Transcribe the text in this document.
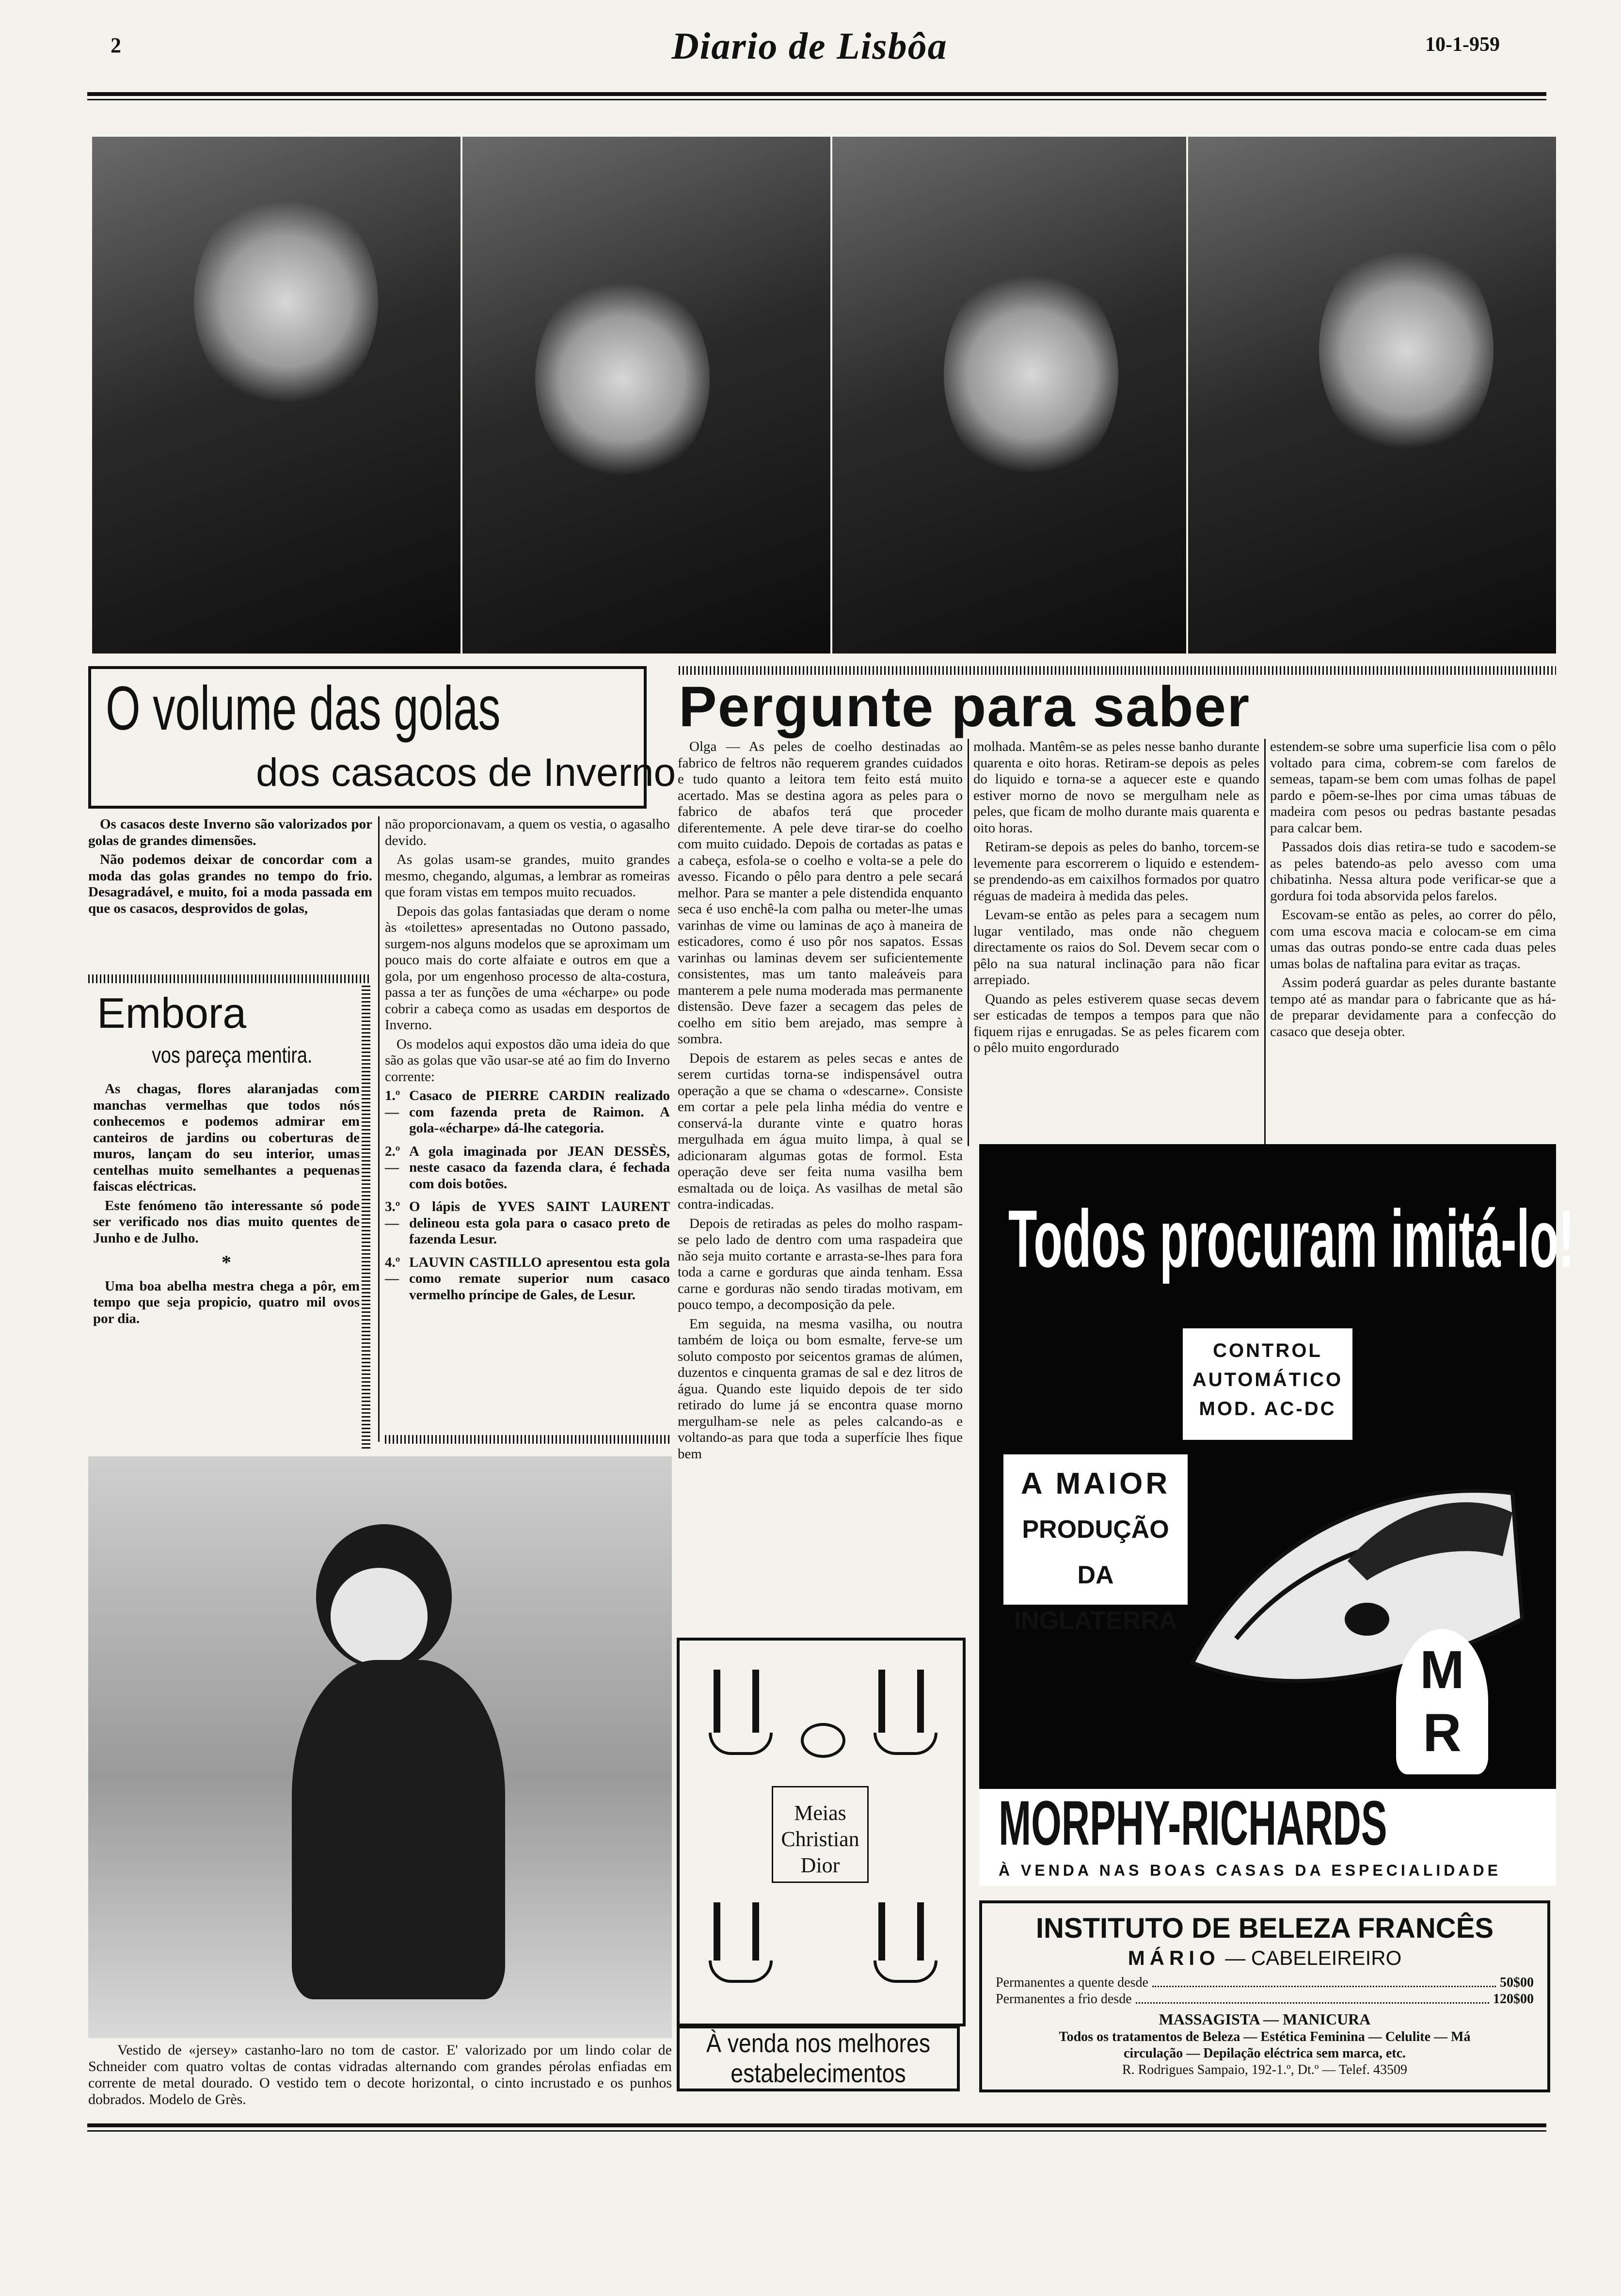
2	Diario de Lisbôa	10-1-959
O volume das golas
dos casacos de Inverno

Os casacos deste Inverno são valorizados por golas de grandes dimensões.

Não podemos deixar de concordar com a moda das golas grandes no tempo do frio. Desagradável, e muito, foi a moda passada em que os casacos, desprovidos de golas,

não proporcionavam, a quem os vestia, o agasalho devido.

As golas usam-se grandes, muito grandes mesmo, chegando, algumas, a lembrar as romeiras que foram vistas em tempos muito recuados.

Depois das golas fantasiadas que deram o nome às «toilettes» apresentadas no Outono passado, surgem-nos alguns modelos que se aproximam um pouco mais do corte alfaiate e outros em que a gola, por um engenhoso processo de alta-costura, passa a ter as funções de uma «écharpe» ou pode cobrir a cabeça como as usadas em desportos de Inverno.

Os modelos aqui expostos dão uma ideia do que são as golas que vão usar-se até ao fim do Inverno corrente:

1.º —
Casaco de PIERRE CARDIN realizado com fazenda preta de Raimon. A gola-«écharpe» dá-lhe categoria.
2.º —
A gola imaginada por JEAN DESSÈS, neste casaco da fazenda clara, é fechada com dois botões.
3.º —
O lápis de YVES SAINT LAURENT delineou esta gola para o casaco preto de fazenda Lesur.
4.º —
LAUVIN CASTILLO apresentou esta gola como remate superior num casaco vermelho príncipe de Gales, de Lesur.
Embora
vos pareça mentira.

As chagas, flores alaranjadas com manchas vermelhas que todos nós conhecemos e podemos admirar em canteiros de jardins ou coberturas de muros, lançam do seu interior, umas centelhas muito semelhantes a pequenas faiscas eléctricas.

Este fenómeno tão interessante só pode ser verificado nos dias muito quentes de Junho e de Julho.

*

Uma boa abelha mestra chega a pôr, em tempo que seja propicio, quatro mil ovos por dia.

Vestido de «jersey» castanho-laro no tom de castor. E' valorizado por um lindo colar de Schneider com quatro voltas de contas vidradas alternando com grandes pérolas enfiadas em corrente de metal dourado. O vestido tem o decote horizontal, o cinto incrustado e os punhos dobrados. Modelo de Grès.
Pergunte para saber

Olga — As peles de coelho destinadas ao fabrico de feltros não requerem grandes cuidados e tudo quanto a leitora tem feito está muito acertado. Mas se destina agora as peles para o fabrico de abafos terá que proceder diferentemente. A pele deve tirar-se do coelho com muito cuidado. Depois de cortadas as patas e a cabeça, esfola-se o coelho e volta-se a pele do avesso. Ficando o pêlo para dentro a pele secará melhor. Para se manter a pele distendida enquanto seca é uso enchê-la com palha ou meter-lhe umas varinhas de vime ou laminas de aço à maneira de esticadores, como é uso pôr nos sapatos. Essas varinhas ou laminas devem ser suficientemente consistentes, mas um tanto maleáveis para manterem a pele numa moderada mas permanente distensão. Deve fazer a secagem das peles de coelho em sitio bem arejado, mas sempre à sombra.

Depois de estarem as peles secas e antes de serem curtidas torna-se indispensável outra operação a que se chama o «descarne». Consiste em cortar a pele pela linha média do ventre e conservá-la durante vinte e quatro horas mergulhada em água muito limpa, à qual se adicionaram algumas gotas de formol. Esta operação deve ser feita numa vasilha bem esmaltada ou de loiça. As vasilhas de metal são contra-indicadas.

Depois de retiradas as peles do molho raspam-se pelo lado de dentro com uma raspadeira que não seja muito cortante e arrasta-se-lhes para fora toda a carne e gorduras que ainda tenham. Essa carne e gorduras não sendo tiradas motivam, em pouco tempo, a decomposição da pele.

Em seguida, na mesma vasilha, ou noutra também de loiça ou bom esmalte, ferve-se um soluto composto por seicentos gramas de alúmen, duzentos e cinquenta gramas de sal e dez litros de água. Quando este liquido depois de ter sido retirado do lume já se encontra quase morno mergulham-se nele as peles calcando-as e voltando-as para que toda a superfície lhes fique bem

molhada. Mantêm-se as peles nesse banho durante quarenta e oito horas. Retiram-se depois as peles do liquido e torna-se a aquecer este e quando estiver morno de novo se mergulham nele as peles, que ficam de molho durante mais quarenta e oito horas.

Retiram-se depois as peles do banho, torcem-se levemente para escorrerem o liquido e estendem-se prendendo-as em caixilhos formados por quatro réguas de madeira à medida das peles.

Levam-se então as peles para a secagem num lugar ventilado, mas onde não cheguem directamente os raios do Sol. Devem secar com o pêlo na sua natural inclinação para não ficar arrepiado.

Quando as peles estiverem quase secas devem ser esticadas de tempos a tempos para que não fiquem rijas e enrugadas. Se as peles ficarem com o pêlo muito engordurado

estendem-se sobre uma superficie lisa com o pêlo voltado para cima, cobrem-se com farelos de semeas, tapam-se bem com umas folhas de papel pardo e põem-se-lhes por cima umas tábuas de madeira com pesos ou pedras bastante pesadas para calcar bem.

Passados dois dias retira-se tudo e sacodem-se as peles batendo-as pelo avesso com uma chibatinha. Nessa altura pode verificar-se que a gordura foi toda absorvida pelos farelos.

Escovam-se então as peles, ao correr do pêlo, com uma escova macia e colocam-se em cima umas das outras pondo-se entre cada duas peles umas bolas de naftalina para evitar as traças.

Assim poderá guardar as peles durante bastante tempo até as mandar para o fabricante que as há-de preparar devidamente para a confecção do casaco que deseja obter.

Meias
Christian
Dior
À venda nos melhores
estabelecimentos
Todos procuram imitá-lo!
CONTROL
AUTOMÁTICO
MOD. AC-DC
A MAIOR
PRODUÇÃO DA
INGLATERRA
M
R
MORPHY-RICHARDS
À VENDA NAS BOAS CASAS DA ESPECIALIDADE
INSTITUTO DE BELEZA FRANCÊS
MÁRIO — CABELEIREIRO
Permanentes a quente desde	50$00
Permanentes a frio desde	120$00
MASSAGISTA — MANICURA
Todos os tratamentos de Beleza — Estética Feminina — Celulite — Má
circulação — Depilação eléctrica sem marca, etc.
R. Rodrigues Sampaio, 192-1.º, Dt.º — Telef. 43509
